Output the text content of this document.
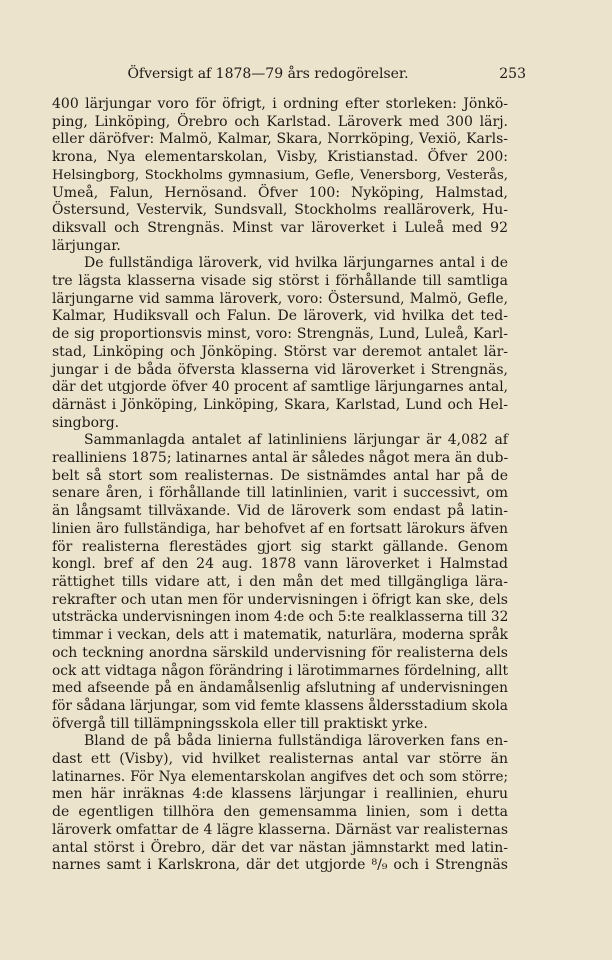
Öfversigt af 1878—79 års redogörelser.	253
400 lärjungar voro för öfrigt, i ordning efter storleken: Jönkö-
ping, Linköping, Örebro och Karlstad. Läroverk med 300 lärj.
eller däröfver: Malmö, Kalmar, Skara, Norrköping, Vexiö, Karls-
krona, Nya elementarskolan, Visby, Kristianstad. Öfver 200:
Helsingborg, Stockholms gymnasium, Gefle, Venersborg, Vesterås,
Umeå, Falun, Hernösand. Öfver 100: Nyköping, Halmstad,
Östersund, Vestervik, Sundsvall, Stockholms realläroverk, Hu-
diksvall och Strengnäs. Minst var läroverket i Luleå med 92
lärjungar.
De fullständiga läroverk, vid hvilka lärjungarnes antal i de
tre lägsta klasserna visade sig störst i förhållande till samtliga
lärjungarne vid samma läroverk, voro: Östersund, Malmö, Gefle,
Kalmar, Hudiksvall och Falun. De läroverk, vid hvilka det ted-
de sig proportionsvis minst, voro: Strengnäs, Lund, Luleå, Karl-
stad, Linköping och Jönköping. Störst var deremot antalet lär-
jungar i de båda öfversta klasserna vid läroverket i Strengnäs,
där det utgjorde öfver 40 procent af samtlige lärjungarnes antal,
därnäst i Jönköping, Linköping, Skara, Karlstad, Lund och Hel-
singborg.
Sammanlagda antalet af latinliniens lärjungar är 4,082 af
realliniens 1875; latinarnes antal är således något mera än dub-
belt så stort som realisternas. De sistnämdes antal har på de
senare åren, i förhållande till latinlinien, varit i successivt, om
än långsamt tillväxande. Vid de läroverk som endast på latin-
linien äro fullständiga, har behofvet af en fortsatt lärokurs äfven
för realisterna flerestädes gjort sig starkt gällande. Genom
kongl. bref af den 24 aug. 1878 vann läroverket i Halmstad
rättighet tills vidare att, i den mån det med tillgängliga lära-
rekrafter och utan men för undervisningen i öfrigt kan ske, dels
utsträcka undervisningen inom 4:de och 5:te realklasserna till 32
timmar i veckan, dels att i matematik, naturlära, moderna språk
och teckning anordna särskild undervisning för realisterna dels
ock att vidtaga någon förändring i lärotimmarnes fördelning, allt
med afseende på en ändamålsenlig afslutning af undervisningen
för sådana lärjungar, som vid femte klassens åldersstadium skola
öfvergå till tillämpningsskola eller till praktiskt yrke.
Bland de på båda linierna fullständiga läroverken fans en-
dast ett (Visby), vid hvilket realisternas antal var större än
latinarnes. För Nya elementarskolan angifves det och som större;
men här inräknas 4:de klassens lärjungar i reallinien, ehuru
de egentligen tillhöra den gemensamma linien, som i detta
läroverk omfattar de 4 lägre klasserna. Därnäst var realisternas
antal störst i Örebro, där det var nästan jämnstarkt med latin-
narnes samt i Karlskrona, där det utgjorde ⁸/₉ och i Strengnäs
